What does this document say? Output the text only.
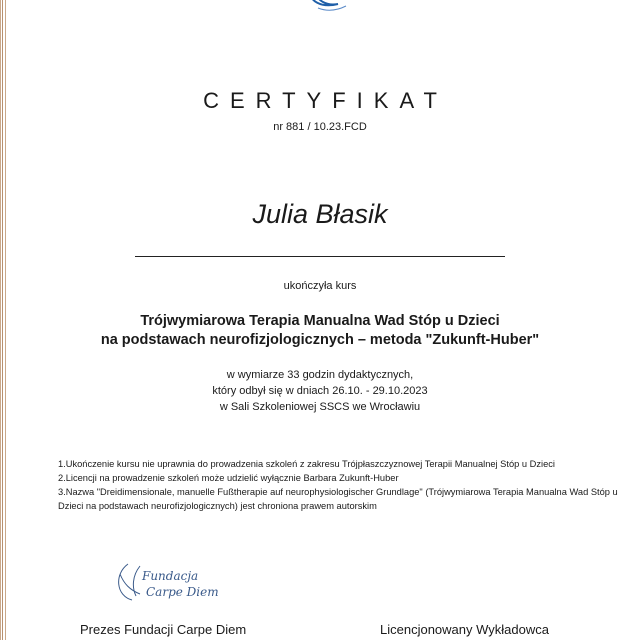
CERTYFIKAT
nr 881 / 10.23.FCD
Julia Błasik
ukończyła kurs
Trójwymiarowa Terapia Manualna Wad Stóp u Dzieci
na podstawach neurofizjologicznych – metoda "Zukunft-Huber"
w wymiarze 33 godzin dydaktycznych,
który odbył się w dniach 26.10. - 29.10.2023
w Sali Szkoleniowej SSCS we Wrocławiu
1.Ukończenie kursu nie uprawnia do prowadzenia szkoleń z zakresu Trójpłaszczyznowej Terapii Manualnej Stóp u Dzieci
2.Licencji na prowadzenie szkoleń może udzielić wyłącznie Barbara Zukunft-Huber
3.Nazwa "Dreidimensionale, manuelle Fußtherapie auf neurophysiologischer Grundlage" (Trójwymiarowa Terapia Manualna Wad Stóp u Dzieci na podstawach neurofizjologicznych) jest chroniona prawem autorskim
Fundacja
Carpe Diem
Prezes Fundacji Carpe Diem	Licencjonowany Wykładowca
